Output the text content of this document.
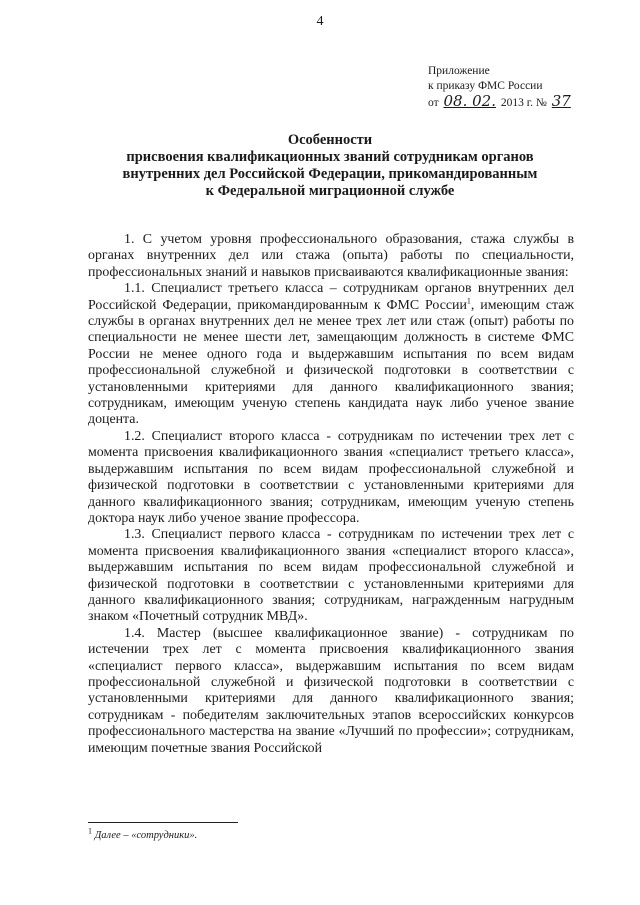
4
Приложение
к приказу ФМС России
от 08. 02. 2013 г. № 37
Особенности
присвоения квалификационных званий сотрудникам органов
внутренних дел Российской Федерации, прикомандированным
к Федеральной миграционной службе

1. С учетом уровня профессионального образования, стажа службы в органах внутренних дел или стажа (опыта) работы по специальности, профессиональных знаний и навыков присваиваются квалификационные звания:

1.1. Специалист третьего класса – сотрудникам органов внутренних дел Российской Федерации, прикомандированным к ФМС России$^1$, имеющим стаж службы в органах внутренних дел не менее трех лет или стаж (опыт) работы по специальности не менее шести лет, замещающим должность в системе ФМС России не менее одного года и выдержавшим испытания по всем видам профессиональной служебной и физической подготовки в соответствии с установленными критериями для данного квалификационного звания; сотрудникам, имеющим ученую степень кандидата наук либо ученое звание доцента.

1.2. Специалист второго класса - сотрудникам по истечении трех лет с момента присвоения квалификационного звания «специалист третьего класса», выдержавшим испытания по всем видам профессиональной служебной и физической подготовки в соответствии с установленными критериями для данного квалификационного звания; сотрудникам, имеющим ученую степень доктора наук либо ученое звание профессора.

1.3. Специалист первого класса - сотрудникам по истечении трех лет с момента присвоения квалификационного звания «специалист второго класса», выдержавшим испытания по всем видам профессиональной служебной и физической подготовки в соответствии с установленными критериями для данного квалификационного звания; сотрудникам, награжденным нагрудным знаком «Почетный сотрудник МВД».

1.4. Мастер (высшее квалификационное звание) - сотрудникам по истечении трех лет с момента присвоения квалификационного звания «специалист первого класса», выдержавшим испытания по всем видам профессиональной служебной и физической подготовки в соответствии с установленными критериями для данного квалификационного звания; сотрудникам - победителям заключительных этапов всероссийских конкурсов профессионального мастерства на звание «Лучший по профессии»; сотрудникам, имеющим почетные звания Российской

$^1$ Далее – «сотрудники».
